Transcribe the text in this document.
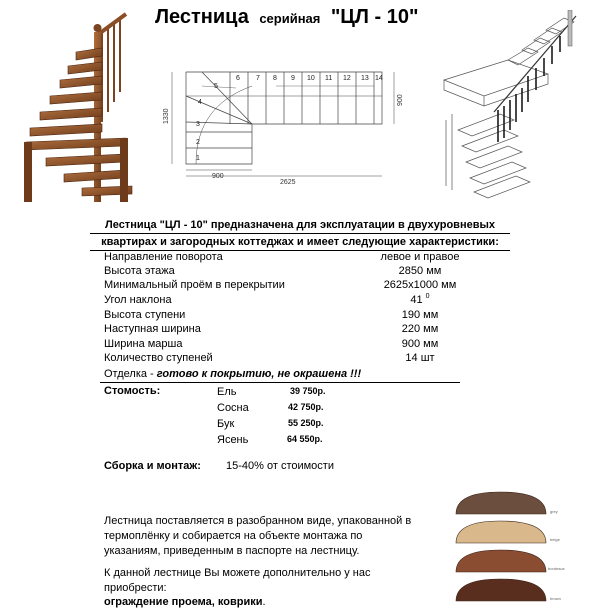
Лестница серийная "ЦЛ - 10"
1
2
3
4
5
6 7 8 9 10 11 12 13 14
2625
900
1330
900
Лестница "ЦЛ - 10" предназначена для эксплуатации в двухуровневых
квартирах и загородных коттеджах и имеет следующие характеристики:
Направление поворота	левое и правое
Высота этажа	2850 мм
Минимальный проём в перекрытии	2625х1000 мм
Угол наклона	41 $^0$
Высота ступени	190 мм
Наступная ширина	220 мм
Ширина марша	900 мм
Количество ступеней	14 шт
Отделка - готово к покрытию, не окрашена !!!
Стомость:	Ель	39 750р.
Сосна	42 750р.
Бук	55 250р.
Ясень	64 550р.
Сборка и монтаж: 15-40% от стоимости
Лестница поставляется в разобранном виде, упакованной в
термоплёнку и собирается на объекте монтажа по
указаниям, приведенным в паспорте на лестницу.
К данной лестнице Вы можете дополнительно у нас
приобрести:
ограждение проема, коврики.
grey
beige
bordeaux
brown
